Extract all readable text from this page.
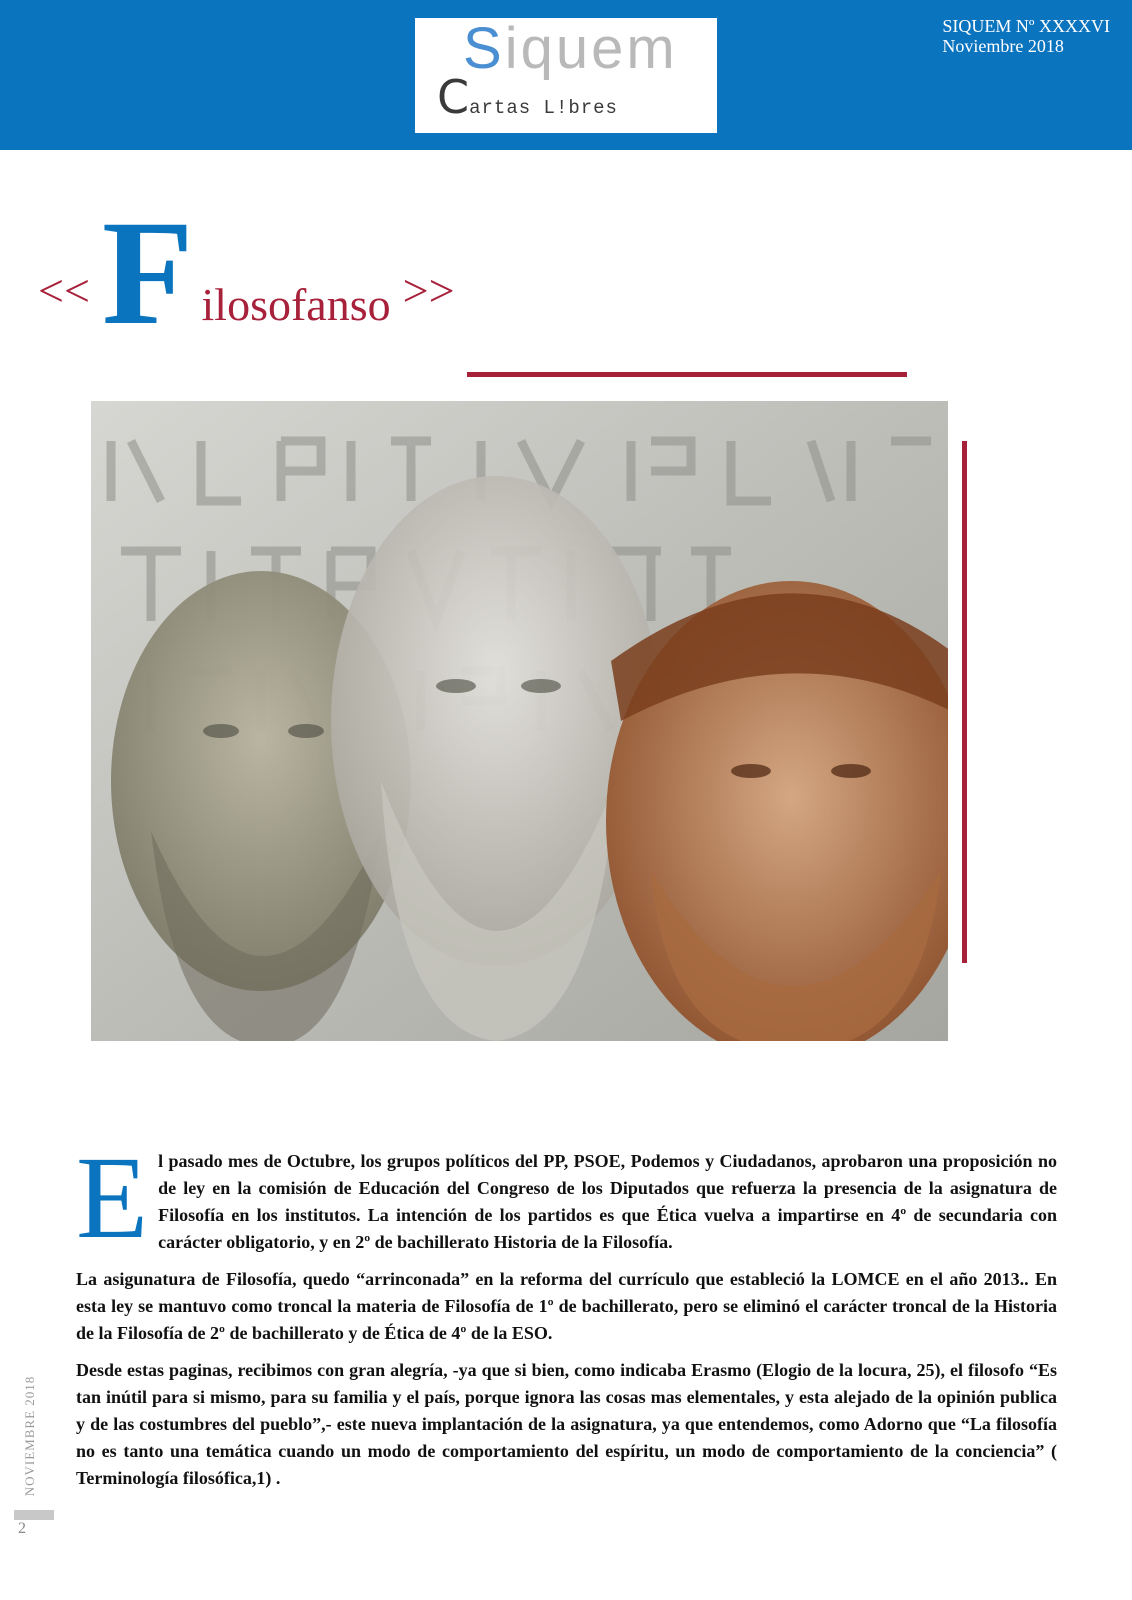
Siquem
Cartas L!bres
SIQUEM Nº XXXXVI
Noviembre 2018
<<F ilosofanso >>
E l pasado mes de Octubre, los grupos políticos del PP, PSOE, Podemos y Ciudadanos, aprobaron una proposición no de ley en la comisión de Educación del Congreso de los Diputados que refuerza la presencia de la asignatura de Filosofía en los institutos. La intención de los partidos es que Ética vuelva a impartirse en 4º de secundaria con carácter obligatorio, y en 2º de bachillerato Historia de la Filosofía.

La asigunatura de Filosofía, quedo “arrinconada” en la reforma del currículo que estableció la LOMCE en el año 2013.. En esta ley se mantuvo como troncal la materia de Filosofía de 1º de bachillerato, pero se eliminó el carácter troncal de la Historia de la Filosofía de 2º de bachillerato y de Ética de 4º de la ESO.

Desde estas paginas, recibimos con gran alegría, -ya que si bien, como indicaba Erasmo (Elogio de la locura, 25), el filosofo “Es tan inútil para si mismo, para su familia y el país, porque ignora las cosas mas elementales, y esta alejado de la opinión publica y de las costumbres del pueblo”,- este nueva implantación de la asignatura, ya que entendemos, como Adorno que “La filosofía no es tanto una temática cuando un modo de comportamiento del espíritu, un modo de comportamiento de la conciencia” ( Terminología filosófica,1) .

NOVIEMBRE 2018
2
